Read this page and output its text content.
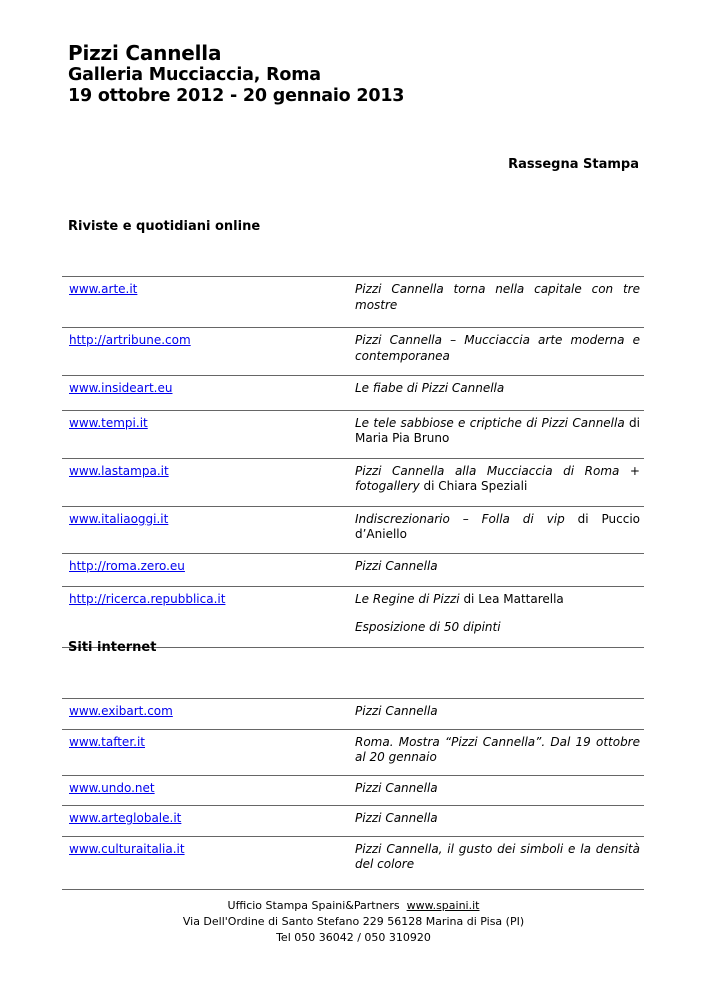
Pizzi Cannella
Galleria Mucciaccia, Roma
19 ottobre 2012 - 20 gennaio 2013
Rassegna Stampa
Riviste e quotidiani online
www.arte.it	Pizzi Cannella torna nella capitale con tre mostre
http://artribune.com	Pizzi Cannella – Mucciaccia arte moderna e contemporanea
www.insideart.eu	Le fiabe di Pizzi Cannella
www.tempi.it	Le tele sabbiose e criptiche di Pizzi Cannella di Maria Pia Bruno
www.lastampa.it	Pizzi Cannella alla Mucciaccia di Roma + fotogallery di Chiara Speziali
www.italiaoggi.it	Indiscrezionario – Folla di vip di Puccio d’Aniello
http://roma.zero.eu	Pizzi Cannella
http://ricerca.repubblica.it	Le Regine di Pizzi di Lea Mattarella
Esposizione di 50 dipinti
Siti internet
www.exibart.com	Pizzi Cannella
www.tafter.it	Roma. Mostra “Pizzi Cannella”. Dal 19 ottobre al 20 gennaio
www.undo.net	Pizzi Cannella
www.arteglobale.it	Pizzi Cannella
www.culturaitalia.it	Pizzi Cannella, il gusto dei simboli e la densità del colore
Ufficio Stampa Spaini&Partners www.spaini.it
Via Dell'Ordine di Santo Stefano 229 56128 Marina di Pisa (PI)
Tel 050 36042 / 050 310920
